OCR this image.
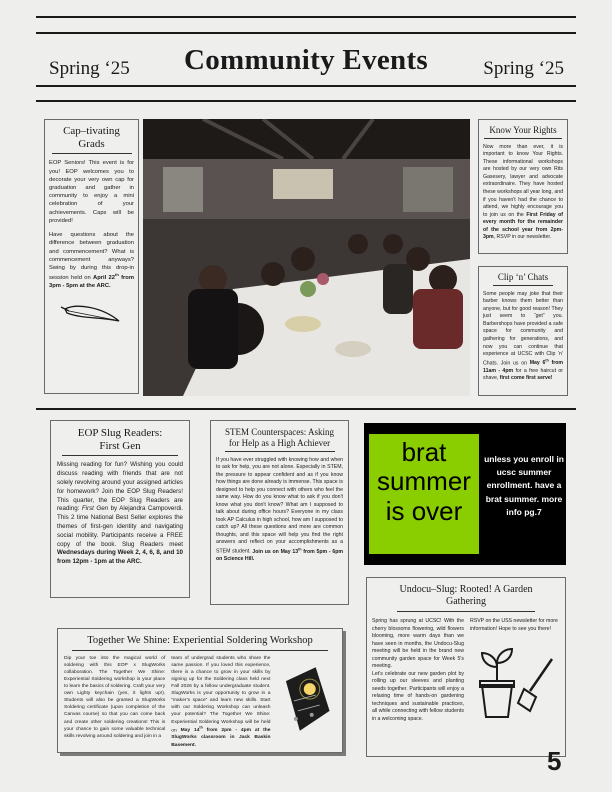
Spring ‘25	Community Events	Spring ‘25
Cap–tivating
Grads
EOP Seniors! This event is for you! EOP welcomes you to decorate your very own cap for graduation and gather in community to enjoy a mini celebration of your achievements. Caps will be provided!
Have questions about the difference between graduation and commencement? What is commencement anyways? Swing by during this drop-in session held on April 22th from 3pm - 5pm at the ARC.
Know Your Rights
Now more than ever, it is important to know Your Rights. These informational workshops are hosted by our very own Rits Gasesery, lawyer and advocate extraordinaire. They have hosted these workshops all year long, and if you haven't had the chance to attend, we highly encourage you to join us on the First Friday of every month for the remainder of the school year from 2pm-3pm, RSVP in our newsletter.
Clip ‘n’ Chats
Some people may joke that their barber knows them better than anyone, but for good reason! They just seem to “get” you. Barbershops have provided a safe space for community and gathering for generations, and now you can continue that experience at UCSC with Clip ‘n’ Chats. Join us on May 6th from 11am - 4pm for a free haircut or shave, first come first serve!
EOP Slug Readers:
First Gen
Missing reading for fun? Wishing you could discuss reading with friends that are not solely revolving around your assigned articles for homework? Join the EOP Slug Readers! This quarter, the EOP Slug Readers are reading: First Gen by Alejandra Campoverdi. This 2 time National Best Seller explores the themes of first-gen identity and navigating social mobility. Participants receive a FREE copy of the book. Slug Readers meet Wednesdays during Week 2, 4, 6, 8, and 10 from 12pm - 1pm at the ARC.
STEM Counterspaces: Asking for Help as a High Achiever
If you have ever struggled with knowing how and when to ask for help, you are not alone. Especially in STEM, the pressure to appear confident and as if you know how things are done already is immense. This space is designed to help you connect with others who feel the same way. How do you know what to ask if you don't know what you don't know? What am I supposed to talk about during office hours? Everyone in my class took AP Calculus in high school, how am I supposed to catch up? All these questions and more are common thoughts, and this space will help you find the right answers and reflect on your accomplishments as a STEM student. Join us on May 13th from 5pm - 6pm on Science Hill.
brat
summer
is over
unless you enroll in ucsc summer enrollment. have a brat summer. more info pg.7
Undocu–Slug: Rooted! A Garden Gathering
Spring has sprung at UCSC! With the cherry blossoms flowering, wild flowers blooming, more warm days than we have seen in months, the Undocu-Slug meeting will be held in the brand new community garden space for Week 5's meeting.
Let's celebrate our new garden plot by rolling up our sleeves and planting seeds together. Participants will enjoy a relaxing time of hands-on gardening techniques and sustainable practices, all while connecting with fellow students in a welcoming space.
RSVP on the USS newsletter for more information! Hope to see you there!
Together We Shine: Experiential Soldering Workshop
Dip your toe into the magical world of soldering with this EOP x SlugWorks collaboration. The Together We Shine: Experiential Soldering workshop is your place to learn the basics of soldering. Craft your very own Lighty keychain (yes, it lights up!). Students will also be granted a SlugWorks Soldering certificate (upon completion of the Canvas course) so that you can come back and create other soldering creations! This is your chance to gain some valuable technical skills revolving around soldering and join in a
team of undergrad students who share the same passion. If you loved this experience, there is a chance to grow in your skills by signing up for the Soldering class held next Fall 2026 by a fellow undergraduate student. SlugWorks is your opportunity to grow in a “maker’s space” and learn new skills. Start with our Soldering Workshop can unleash your potential? The Together We Shine: Experiential Soldering Workshop will be held on May 14th from 2pm - 4pm at the SlugWorks classroom in Jack Baskin Basement.
5
